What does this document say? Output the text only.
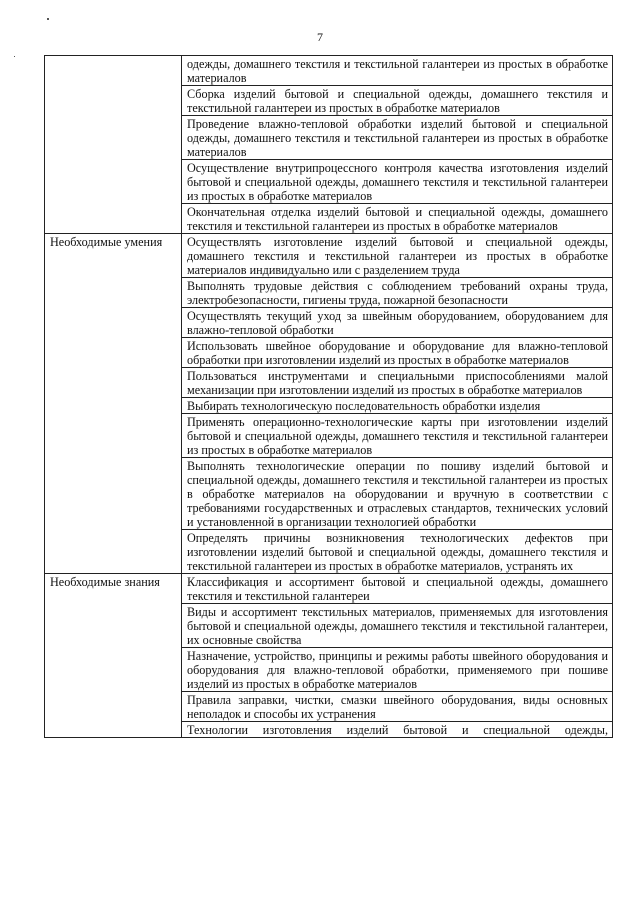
7
	одежды, домашнего текстиля и текстильной галантереи из простых в обработке материалов
	Сборка изделий бытовой и специальной одежды, домашнего текстиля и текстильной галантереи из простых в обработке материалов
	Проведение влажно-тепловой обработки изделий бытовой и специальной одежды, домашнего текстиля и текстильной галантереи из простых в обработке материалов
	Осуществление внутрипроцессного контроля качества изготовления изделий бытовой и специальной одежды, домашнего текстиля и текстильной галантереи из простых в обработке материалов
	Окончательная отделка изделий бытовой и специальной одежды, домашнего текстиля и текстильной галантереи из простых в обработке материалов
Необходимые умения	Осуществлять изготовление изделий бытовой и специальной одежды, домашнего текстиля и текстильной галантереи из простых в обработке материалов индивидуально или с разделением труда
	Выполнять трудовые действия с соблюдением требований охраны труда, электробезопасности, гигиены труда, пожарной безопасности
	Осуществлять текущий уход за швейным оборудованием, оборудованием для влажно-тепловой обработки
	Использовать швейное оборудование и оборудование для влажно-тепловой обработки при изготовлении изделий из простых в обработке материалов
	Пользоваться инструментами и специальными приспособлениями малой механизации при изготовлении изделий из простых в обработке материалов
	Выбирать технологическую последовательность обработки изделия
	Применять операционно-технологические карты при изготовлении изделий бытовой и специальной одежды, домашнего текстиля и текстильной галантереи из простых в обработке материалов
	Выполнять технологические операции по пошиву изделий бытовой и специальной одежды, домашнего текстиля и текстильной галантереи из простых в обработке материалов на оборудовании и вручную в соответствии с требованиями государственных и отраслевых стандартов, технических условий и установленной в организации технологией обработки
	Определять причины возникновения технологических дефектов при изготовлении изделий бытовой и специальной одежды, домашнего текстиля и текстильной галантереи из простых в обработке материалов, устранять их
Необходимые знания	Классификация и ассортимент бытовой и специальной одежды, домашнего текстиля и текстильной галантереи
	Виды и ассортимент текстильных материалов, применяемых для изготовления бытовой и специальной одежды, домашнего текстиля и текстильной галантереи, их основные свойства
	Назначение, устройство, принципы и режимы работы швейного оборудования и оборудования для влажно-тепловой обработки, применяемого при пошиве изделий из простых в обработке материалов
	Правила заправки, чистки, смазки швейного оборудования, виды основных неполадок и способы их устранения
	Технологии изготовления изделий бытовой и специальной одежды,
